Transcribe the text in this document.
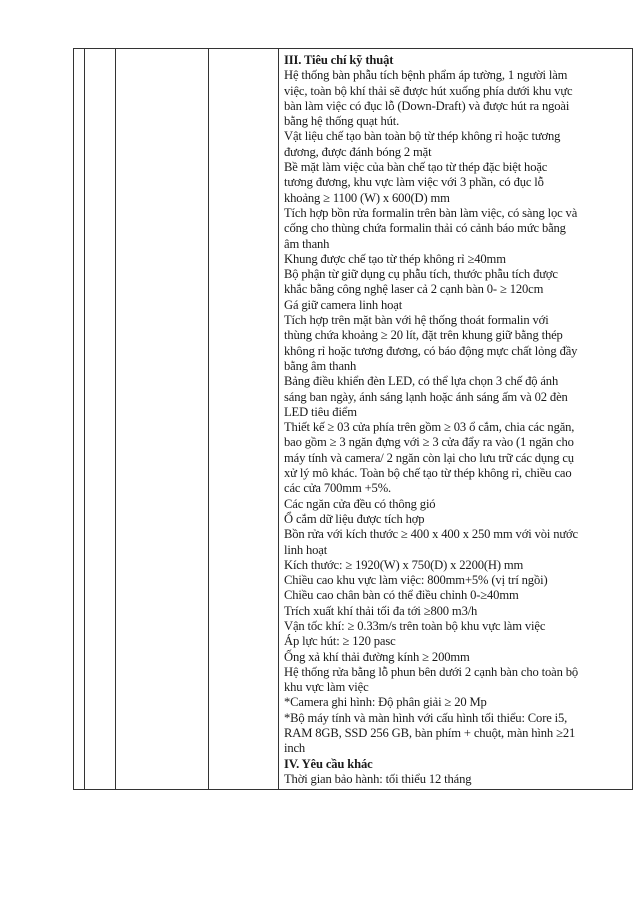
III. Tiêu chí kỹ thuật
Hệ thống bàn phẫu tích bệnh phẩm áp tường, 1 người làm
việc, toàn bộ khí thải sẽ được hút xuống phía dưới khu vực
bàn làm việc có đục lỗ (Down-Draft) và được hút ra ngoài
bằng hệ thống quạt hút.
Vật liệu chế tạo bàn toàn bộ từ thép không rỉ hoặc tương
đương, được đánh bóng 2 mặt
Bề mặt làm việc của bàn chế tạo từ thép đặc biệt hoặc
tương đương, khu vực làm việc với 3 phần, có đục lỗ
khoảng ≥ 1100 (W) x 600(D) mm
Tích hợp bồn rửa formalin trên bàn làm việc, có sàng lọc và
cống cho thùng chứa formalin thải có cảnh báo mức bằng
âm thanh
Khung được chế tạo từ thép không rỉ ≥40mm
Bộ phận từ giữ dụng cụ phẫu tích, thước phẫu tích được
khắc bằng công nghệ laser cả 2 cạnh bàn 0- ≥ 120cm
Gá giữ camera linh hoạt
Tích hợp trên mặt bàn với hệ thống thoát formalin với
thùng chứa khoảng ≥ 20 lít, đặt trên khung giữ bằng thép
không rỉ hoặc tương đương, có báo động mực chất lỏng đầy
bằng âm thanh
Bảng điều khiển đèn LED, có thể lựa chọn 3 chế độ ánh
sáng ban ngày, ánh sáng lạnh hoặc ánh sáng ấm và 02 đèn
LED tiêu điểm
Thiết kế ≥ 03 cửa phía trên gồm ≥ 03 ổ cắm, chia các ngăn,
bao gồm ≥ 3 ngăn đựng với ≥ 3 cửa đẩy ra vào (1 ngăn cho
máy tính và camera/ 2 ngăn còn lại cho lưu trữ các dụng cụ
xử lý mô khác. Toàn bộ chế tạo từ thép không rỉ, chiều cao
các cửa 700mm +5%.
Các ngăn cửa đều có thông gió
Ổ cắm dữ liệu được tích hợp
Bồn rửa với kích thước ≥ 400 x 400 x 250 mm với vòi nước
linh hoạt
Kích thước: ≥ 1920(W) x 750(D) x 2200(H) mm
Chiều cao khu vực làm việc: 800mm+5% (vị trí ngồi)
Chiều cao chân bàn có thể điều chỉnh 0-≥40mm
Trích xuất khí thải tối đa tới ≥800 m3/h
Vận tốc khí: ≥ 0.33m/s trên toàn bộ khu vực làm việc
Áp lực hút: ≥ 120 pasc
Ống xả khí thải đường kính ≥ 200mm
Hệ thống rửa bằng lỗ phun bên dưới 2 cạnh bàn cho toàn bộ
khu vực làm việc
*Camera ghi hình: Độ phân giải ≥ 20 Mp
*Bộ máy tính và màn hình với cấu hình tối thiểu: Core i5,
RAM 8GB, SSD 256 GB, bàn phím + chuột, màn hình ≥21
inch
IV. Yêu cầu khác
Thời gian bảo hành: tối thiểu 12 tháng
